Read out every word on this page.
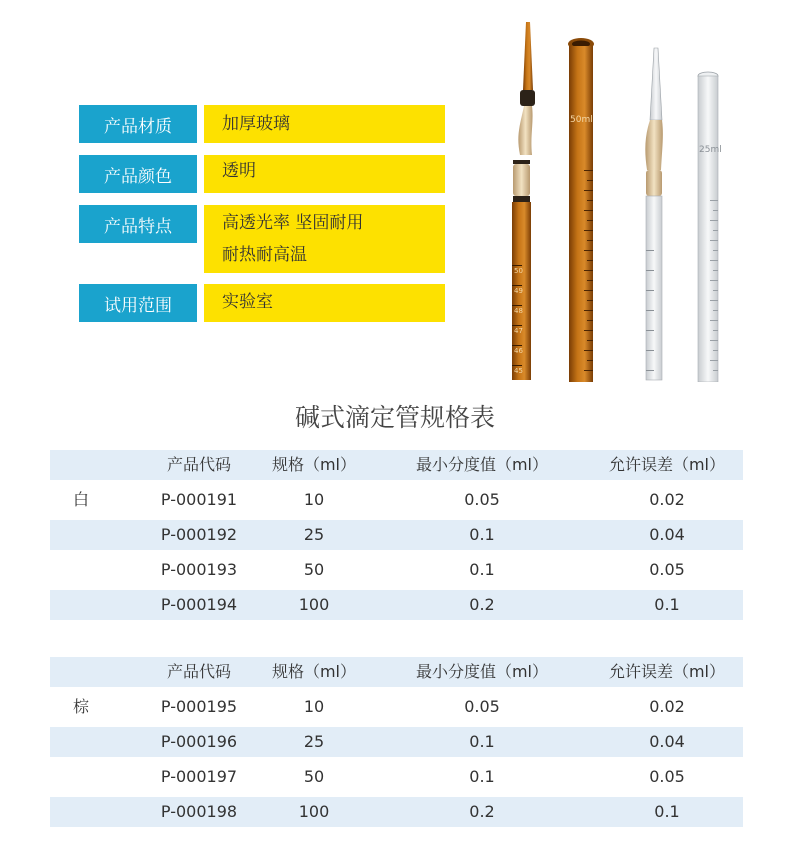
产品材质	加厚玻璃
产品颜色	透明
产品特点	高透光率 坚固耐用
耐热耐高温
试用范围	实验室
50
49
48
47
46
45
50ml
25ml
碱式滴定管规格表
产品代码	规格（ml）	最小分度值（ml）	允许误差（ml）
白	P-000191	10	0.05	0.02
P-000192	25	0.1	0.04
P-000193	50	0.1	0.05
P-000194	100	0.2	0.1
产品代码	规格（ml）	最小分度值（ml）	允许误差（ml）
棕	P-000195	10	0.05	0.02
P-000196	25	0.1	0.04
P-000197	50	0.1	0.05
P-000198	100	0.2	0.1
